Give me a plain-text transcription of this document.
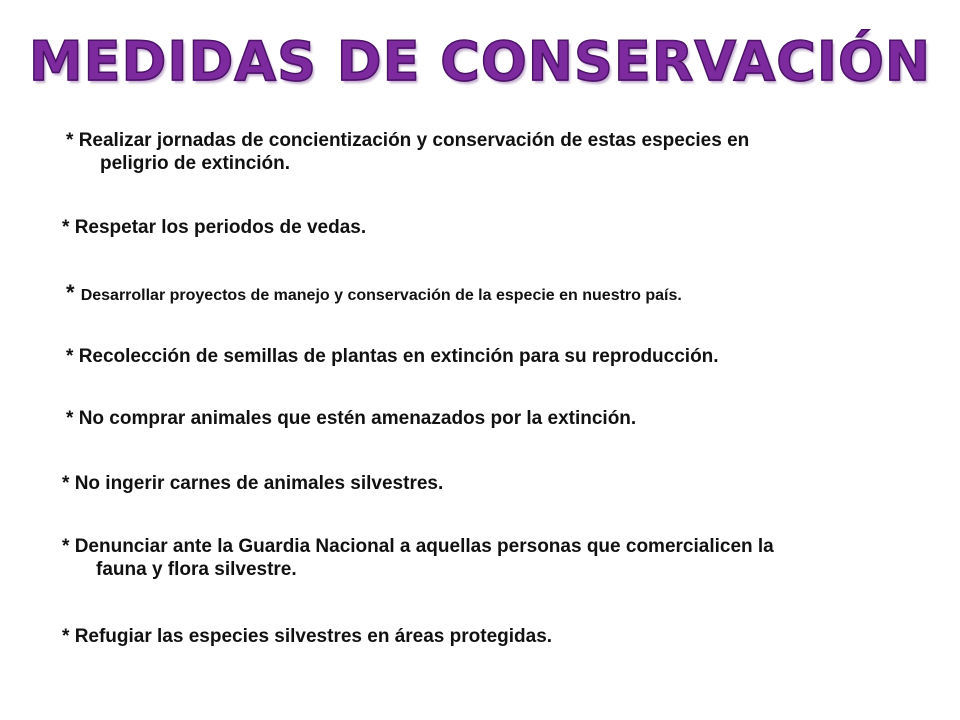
MEDIDAS DE CONSERVACIÓN
* Realizar jornadas de concientización y conservación de estas especies en
peligrio de extinción.
* Respetar los periodos de vedas.
* Desarrollar proyectos de manejo y conservación de la especie en nuestro país.
* Recolección de semillas de plantas en extinción para su reproducción.
* No comprar animales que estén amenazados por la extinción.
* No ingerir carnes de animales silvestres.
* Denunciar ante la Guardia Nacional a aquellas personas que comercialicen la
fauna y flora silvestre.
* Refugiar las especies silvestres en áreas protegidas.
